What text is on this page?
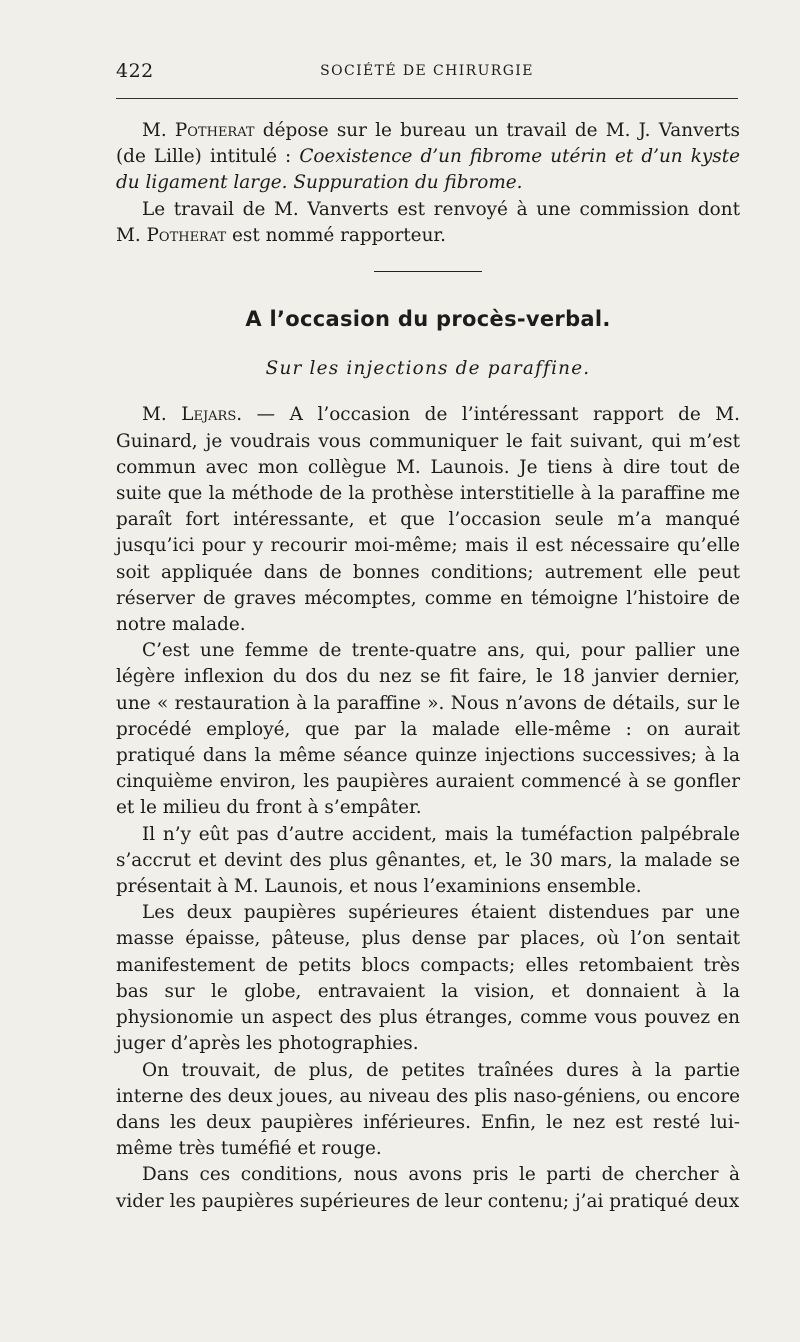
422	SOCIÉTÉ DE CHIRURGIE

M. Potherat dépose sur le bureau un travail de M. J. Vanverts (de Lille) intitulé : Coexistence d’un fibrome utérin et d’un kyste du ligament large. Suppuration du fibrome.

Le travail de M. Vanverts est renvoyé à une commission dont M. Potherat est nommé rapporteur.

A l’occasion du procès-verbal.
Sur les injections de paraffine.

M. Lejars. — A l’occasion de l’intéressant rapport de M. Guinard, je voudrais vous communiquer le fait suivant, qui m’est commun avec mon collègue M. Launois. Je tiens à dire tout de suite que la méthode de la prothèse interstitielle à la paraffine me paraît fort intéressante, et que l’occasion seule m’a manqué jusqu’ici pour y recourir moi-même; mais il est nécessaire qu’elle soit appliquée dans de bonnes conditions; autrement elle peut réserver de graves mécomptes, comme en témoigne l’histoire de notre malade.

C’est une femme de trente-quatre ans, qui, pour pallier une légère inflexion du dos du nez se fit faire, le 18 janvier dernier, une « restauration à la paraffine ». Nous n’avons de détails, sur le procédé employé, que par la malade elle-même : on aurait pratiqué dans la même séance quinze injections successives; à la cinquième environ, les paupières auraient commencé à se gonfler et le milieu du front à s’empâter.

Il n’y eût pas d’autre accident, mais la tuméfaction palpébrale s’accrut et devint des plus gênantes, et, le 30 mars, la malade se présentait à M. Launois, et nous l’examinions ensemble.

Les deux paupières supérieures étaient distendues par une masse épaisse, pâteuse, plus dense par places, où l’on sentait manifestement de petits blocs compacts; elles retombaient très bas sur le globe, entravaient la vision, et donnaient à la physionomie un aspect des plus étranges, comme vous pouvez en juger d’après les photographies.

On trouvait, de plus, de petites traînées dures à la partie interne des deux joues, au niveau des plis naso-géniens, ou encore dans les deux paupières inférieures. Enfin, le nez est resté lui-même très tuméfié et rouge.

Dans ces conditions, nous avons pris le parti de chercher à vider les paupières supérieures de leur contenu; j’ai pratiqué deux
